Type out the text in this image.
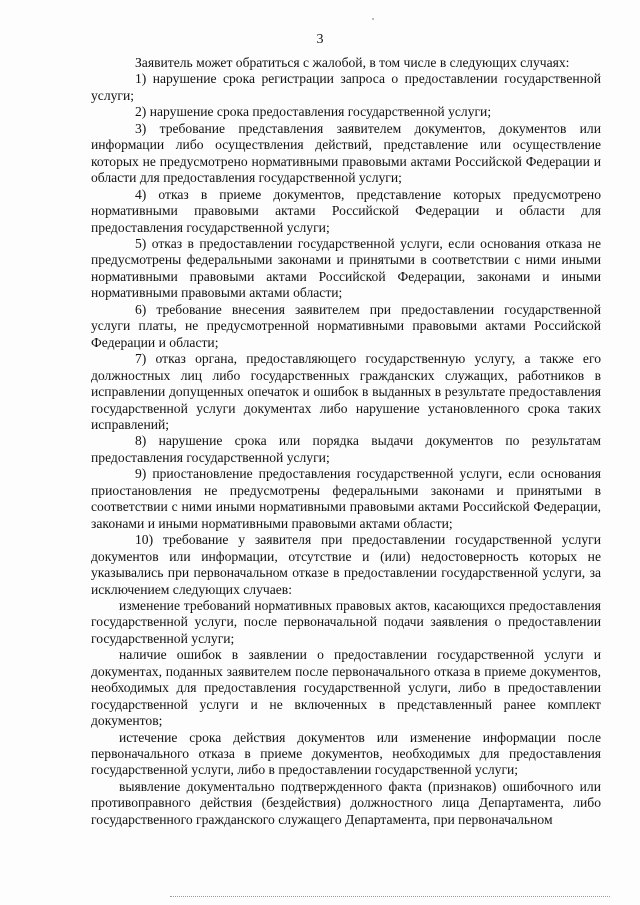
3

Заявитель может обратиться с жалобой, в том числе в следующих случаях:

1) нарушение срока регистрации запроса о предоставлении государственной услуги;

2) нарушение срока предоставления государственной услуги;

3) требование представления заявителем документов, документов или информации либо осуществления действий, представление или осуществление которых не предусмотрено нормативными правовыми актами Российской Федерации и области для предоставления государственной услуги;

4) отказ в приеме документов, представление которых предусмотрено нормативными правовыми актами Российской Федерации и области для предоставления государственной услуги;

5) отказ в предоставлении государственной услуги, если основания отказа не предусмотрены федеральными законами и принятыми в соответствии с ними иными нормативными правовыми актами Российской Федерации, законами и иными нормативными правовыми актами области;

6) требование внесения заявителем при предоставлении государственной услуги платы, не предусмотренной нормативными правовыми актами Российской Федерации и области;

7) отказ органа, предоставляющего государственную услугу, а также его должностных лиц либо государственных гражданских служащих, работников в исправлении допущенных опечаток и ошибок в выданных в результате предоставления государственной услуги документах либо нарушение установленного срока таких исправлений;

8) нарушение срока или порядка выдачи документов по результатам предоставления государственной услуги;

9) приостановление предоставления государственной услуги, если основания приостановления не предусмотрены федеральными законами и принятыми в соответствии с ними иными нормативными правовыми актами Российской Федерации, законами и иными нормативными правовыми актами области;

10) требование у заявителя при предоставлении государственной услуги документов или информации, отсутствие и (или) недостоверность которых не указывались при первоначальном отказе в предоставлении государственной услуги, за исключением следующих случаев:

изменение требований нормативных правовых актов, касающихся предоставления государственной услуги, после первоначальной подачи заявления о предоставлении государственной услуги;

наличие ошибок в заявлении о предоставлении государственной услуги и документах, поданных заявителем после первоначального отказа в приеме документов, необходимых для предоставления государственной услуги, либо в предоставлении государственной услуги и не включенных в представленный ранее комплект документов;

истечение срока действия документов или изменение информации после первоначального отказа в приеме документов, необходимых для предоставления государственной услуги, либо в предоставлении государственной услуги;

выявление документально подтвержденного факта (признаков) ошибочного или противоправного действия (бездействия) должностного лица Департамента, либо государственного гражданского служащего Департамента, при первоначальном
